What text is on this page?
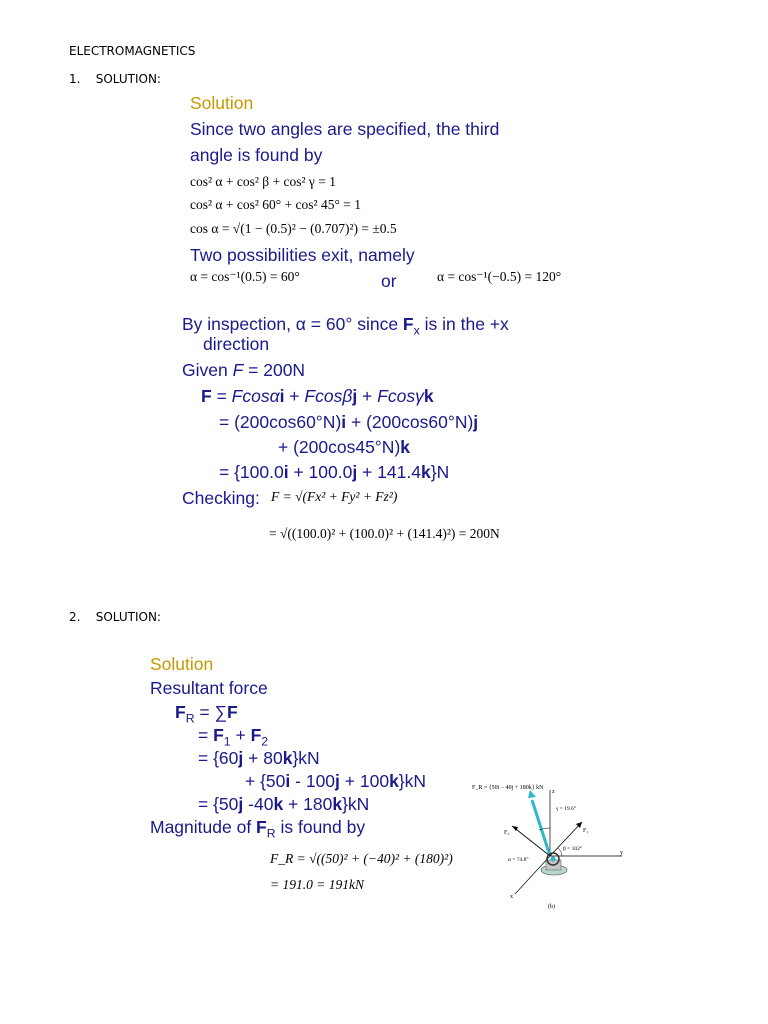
ELECTROMAGNETICS
1.    SOLUTION:
Solution
Since two angles are specified, the third
angle is found by
cos² α + cos² β + cos² γ = 1
cos² α + cos² 60° + cos² 45° = 1
cos α = √(1 − (0.5)² − (0.707)²) = ±0.5
Two possibilities exit, namely
α = cos⁻¹(0.5) = 60°	or	α = cos⁻¹(−0.5) = 120°
By inspection, α = 60° since $F_x$ is in the +x
direction
Given F = 200N
F = Fcosαi + Fcosβj + Fcosγk
= (200cos60°N)i + (200cos60°N)j
+ (200cos45°N)k
= {100.0i + 100.0j + 141.4k}N
Checking: F = √(Fx² + Fy² + Fz²)
= √((100.0)² + (100.0)² + (141.4)²) = 200N
2.    SOLUTION:
Solution
Resultant force
$F_R = \sum F$
= $F_1 + F_2$
= {60j + 80k}kN
+ {50i - 100j + 100k}kN
= {50j -40k + 180k}kN
Magnitude of $F_R$ is found by
F_R = √((50)² + (−40)² + (180)²)
= 191.0 = 191kN
F_R = {50i − 40j + 180k} kN
z
y
x
F₁
F₂
γ = 19.6°
β = 102°
α = 74.8°
(b)
